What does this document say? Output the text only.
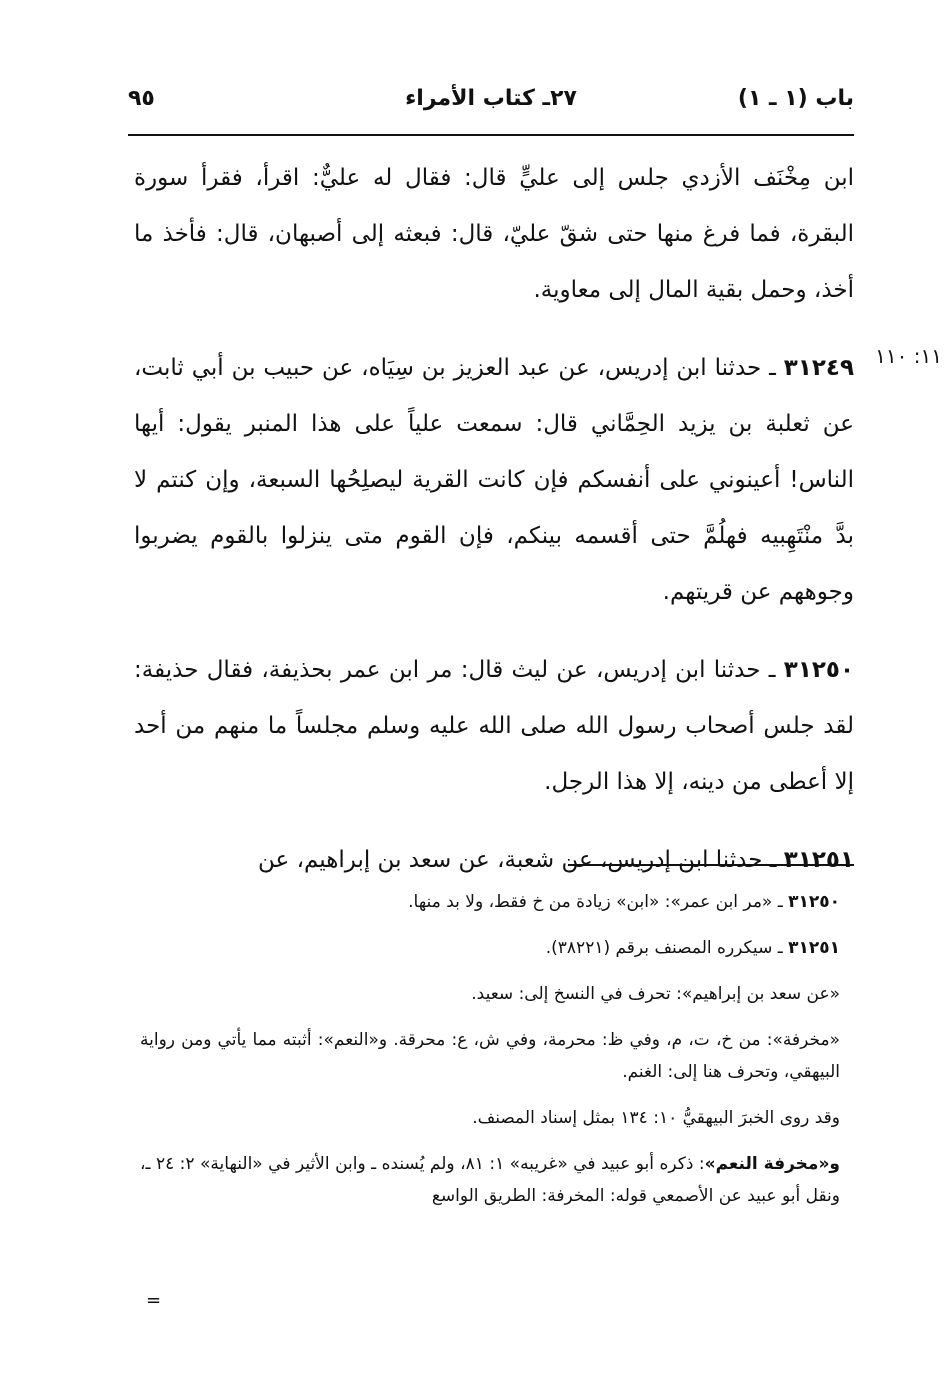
باب (١ ـ ١)
٢٧ـ كتاب الأمراء
٩٥
١١: ١١٠

ابن مِخْنَف الأزدي جلس إلى عليٍّ قال: فقال له عليٌّ: اقرأ، فقرأ سورة البقرة، فما فرغ منها حتى شقّ عليّ، قال: فبعثه إلى أصبهان، قال: فأخذ ما أخذ، وحمل بقية المال إلى معاوية.

٣١٢٤٩ ـ حدثنا ابن إدريس، عن عبد العزيز بن سِيَاه، عن حبيب بن أبي ثابت، عن ثعلبة بن يزيد الحِمَّاني قال: سمعت علياً على هذا المنبر يقول: أيها الناس! أعينوني على أنفسكم فإن كانت القرية ليصلِحُها السبعة، وإن كنتم لا بدَّ منْتَهِبيه فهلُمَّ حتى أقسمه بينكم، فإن القوم متى ينزلوا بالقوم يضربوا وجوههم عن قريتهم.

٣١٢٥٠ ـ حدثنا ابن إدريس، عن ليث قال: مر ابن عمر بحذيفة، فقال حذيفة: لقد جلس أصحاب رسول الله صلى الله عليه وسلم مجلساً ما منهم من أحد إلا أعطى من دينه، إلا هذا الرجل.

٣١٢٥١ ـ حدثنا ابن إدريس، عن شعبة، عن سعد بن إبراهيم، عن

٣١٢٥٠ ـ «مر ابن عمر»: «ابن» زيادة من خ فقط، ولا بد منها.

٣١٢٥١ ـ سيكرره المصنف برقم (٣٨٢٢١).

«عن سعد بن إبراهيم»: تحرف في النسخ إلى: سعيد.

«مخرفة»: من خ، ت، م، وفي ظ: محرمة، وفي ش، ع: محرقة. و«النعم»: أثبته مما يأتي ومن رواية البيهقي، وتحرف هنا إلى: الغنم.

وقد روى الخبرَ البيهقيُّ ١٠: ١٣٤ بمثل إسناد المصنف.

و«مخرفة النعم»: ذكره أبو عبيد في «غريبه» ١: ٨١، ولم يُسنده ـ وابن الأثير في «النهاية» ٢: ٢٤ ـ، ونقل أبو عبيد عن الأصمعي قوله: المخرفة: الطريق الواسع

=
